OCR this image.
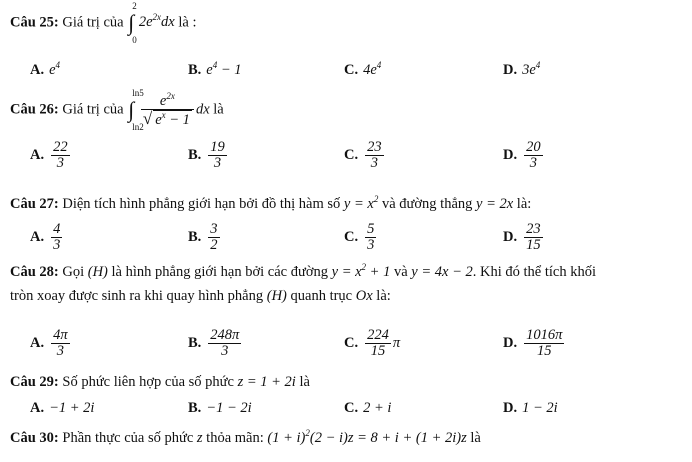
Câu 25: Giá trị của ∫
2
0
$2e^{2x}dx$ là :
A. $e^4$	B. $e^4 - 1$	C. $4e^4$	D. $3e^4$
Câu 26: Giá trị của ∫
ln5
ln2

$\frac{e^{2x}}{√ e^x - 1}$ dx là
A. $\frac{22}{3}$	B. $\frac{19}{3}$	C. $\frac{23}{3}$	D. $\frac{20}{3}$
Câu 27: Diện tích hình phẳng giới hạn bởi đồ thị hàm số $y = x^2$ và đường thẳng y = 2x là:
A. $\frac{4}{3}$	B. $\frac{3}{2}$	C. $\frac{5}{3}$	D. $\frac{23}{15}$
Câu 28: Gọi (H) là hình phẳng giới hạn bởi các đường $y = x^2 + 1$ và y = 4x − 2. Khi đó thể tích khối
tròn xoay được sinh ra khi quay hình phẳng (H) quanh trục Ox là:
A. $\frac{4\pi}{3}$	B. $\frac{248\pi}{3}$	C. $\frac{224}{15}$ π	D. $\frac{1016\pi}{15}$
Câu 29: Số phức liên hợp của số phức z = 1 + 2i là
A. −1 + 2i	B. −1 − 2i	C. 2 + i	D. 1 − 2i
Câu 30: Phần thực của số phức z thỏa mãn: $(1 + i)^2(2 - i)z = 8 + i + (1 + 2i)z$ là
